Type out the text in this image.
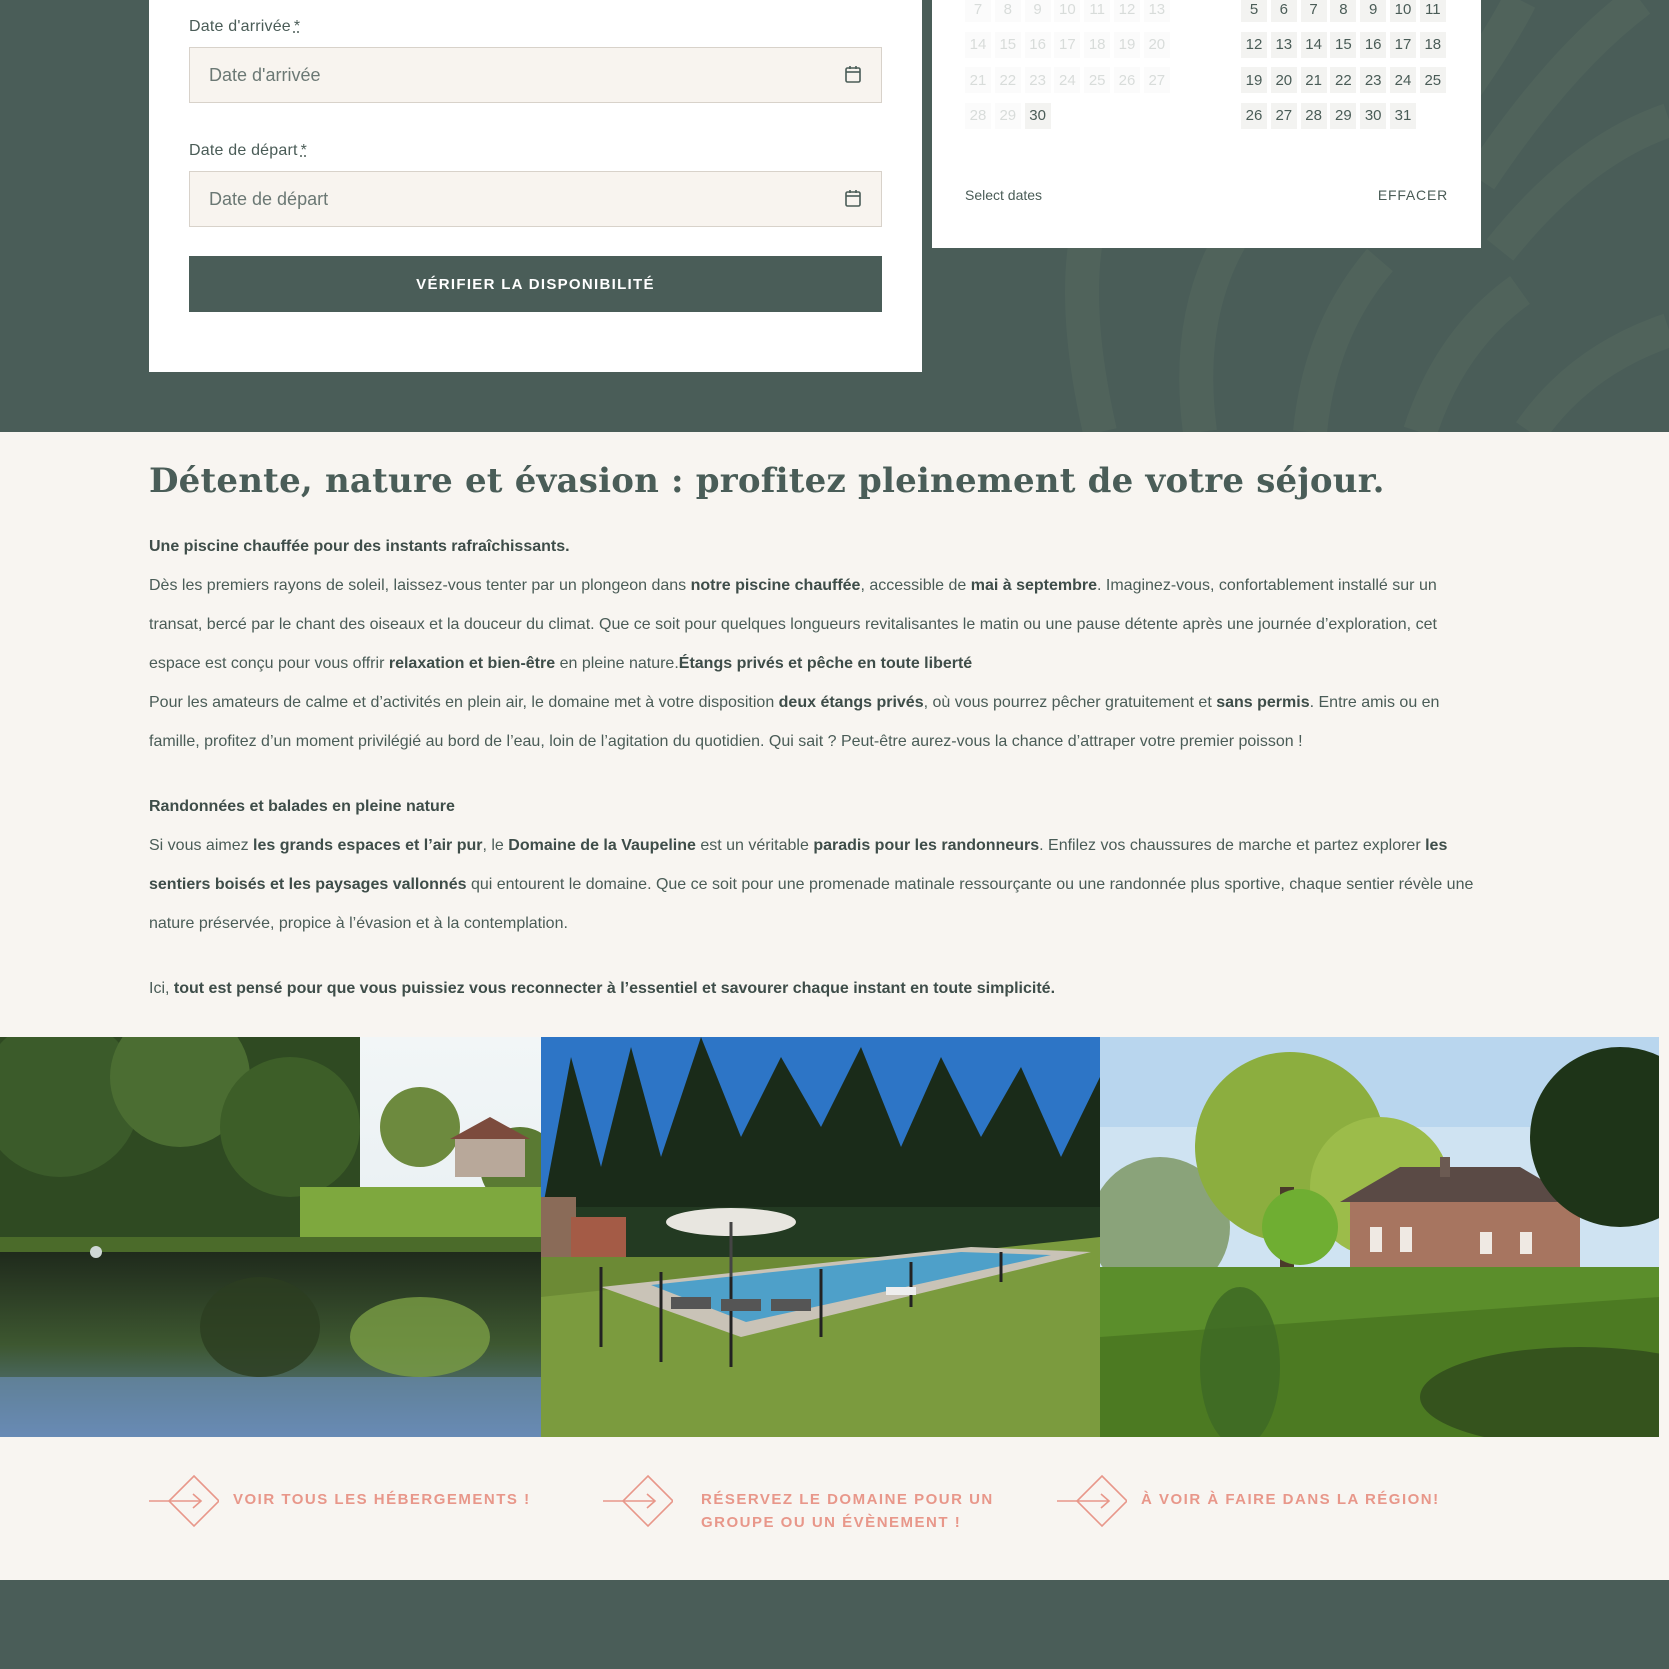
Date d'arrivée *
Date d'arrivée
Date de départ *
Date de départ
VÉRIFIER LA DISPONIBILITÉ
7	8	9	10 11 12 13
14 15 16 17 18 19 20
21 22 23 24 25 26 27
28 29 30
5	6	7	8	9	10 11
12 13 14 15 16 17 18
19 20 21 22 23 24 25
26 27 28 29 30 31
Select dates	EFFACER
Détente, nature et évasion : profitez pleinement de votre séjour.

Une piscine chauffée pour des instants rafraîchissants.

Dès les premiers rayons de soleil, laissez-vous tenter par un plongeon dans notre piscine chauffée, accessible de mai à septembre. Imaginez-vous, confortablement installé sur un transat, bercé par le chant des oiseaux et la douceur du climat. Que ce soit pour quelques longueurs revitalisantes le matin ou une pause détente après une journée d’exploration, cet espace est conçu pour vous offrir relaxation et bien-être en pleine nature.Étangs privés et pêche en toute liberté

Pour les amateurs de calme et d’activités en plein air, le domaine met à votre disposition deux étangs privés, où vous pourrez pêcher gratuitement et sans permis. Entre amis ou en famille, profitez d’un moment privilégié au bord de l’eau, loin de l’agitation du quotidien. Qui sait ? Peut-être aurez-vous la chance d’attraper votre premier poisson !

Randonnées et balades en pleine nature

Si vous aimez les grands espaces et l’air pur, le Domaine de la Vaupeline est un véritable paradis pour les randonneurs. Enfilez vos chaussures de marche et partez explorer les sentiers boisés et les paysages vallonnés qui entourent le domaine. Que ce soit pour une promenade matinale ressourçante ou une randonnée plus sportive, chaque sentier révèle une nature préservée, propice à l’évasion et à la contemplation.

Ici, tout est pensé pour que vous puissiez vous reconnecter à l’essentiel et savourer chaque instant en toute simplicité.

VOIR TOUS LES HÉBERGEMENTS !	RÉSERVEZ LE DOMAINE POUR UN
GROUPE OU UN ÉVÈNEMENT !
À VOIR À FAIRE DANS LA RÉGION!
